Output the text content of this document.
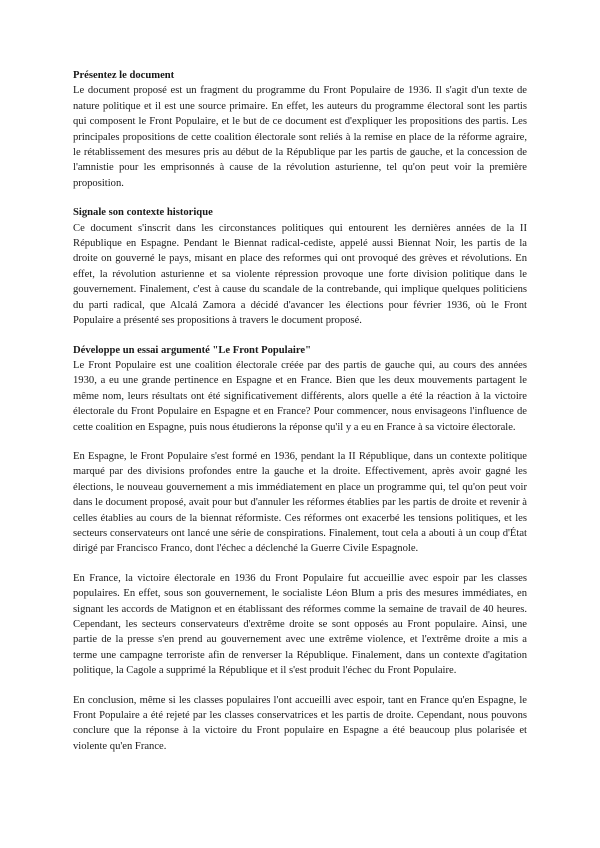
Présentez le document

Le document proposé est un fragment du programme du Front Populaire de 1936. Il s'agit d'un texte de nature politique et il est une source primaire. En effet, les auteurs du programme électoral sont les partis qui composent le Front Populaire, et le but de ce document est d'expliquer les propositions des partis. Les principales propositions de cette coalition électorale sont reliés à la remise en place de la réforme agraire, le rétablissement des mesures pris au début de la République par les partis de gauche, et la concession de l'amnistie pour les emprisonnés à cause de la révolution asturienne, tel qu'on peut voir la première proposition.

Signale son contexte historique

Ce document s'inscrit dans les circonstances politiques qui entourent les dernières années de la II République en Espagne. Pendant le Biennat radical-cediste, appelé aussi Biennat Noir, les partis de la droite on gouverné le pays, misant en place des reformes qui ont provoqué des grèves et révolutions. En effet, la révolution asturienne et sa violente répression provoque une forte division politique dans le gouvernement. Finalement, c'est à cause du scandale de la contrebande, qui implique quelques politiciens du parti radical, que Alcalá Zamora a décidé d'avancer les élections pour février 1936, où le Front Populaire a présenté ses propositions à travers le document proposé.

Développe un essai argumenté "Le Front Populaire"

Le Front Populaire est une coalition électorale créée par des partis de gauche qui, au cours des années 1930, a eu une grande pertinence en Espagne et en France. Bien que les deux mouvements partagent le même nom, leurs résultats ont été significativement différents, alors quelle a été la réaction à la victoire électorale du Front Populaire en Espagne et en France? Pour commencer, nous envisageons l'influence de cette coalition en Espagne, puis nous étudierons la réponse qu'il y a eu en France à sa victoire électorale.

En Espagne, le Front Populaire s'est formé en 1936, pendant la II République, dans un contexte politique marqué par des divisions profondes entre la gauche et la droite. Effectivement, après avoir gagné les élections, le nouveau gouvernement a mis immédiatement en place un programme qui, tel qu'on peut voir dans le document proposé, avait pour but d'annuler les réformes établies par les partis de droite et revenir à celles établies au cours de la biennat réformiste. Ces réformes ont exacerbé les tensions politiques, et les secteurs conservateurs ont lancé une série de conspirations. Finalement, tout cela a abouti à un coup d'État dirigé par Francisco Franco, dont l'échec a déclenché la Guerre Civile Espagnole.

En France, la victoire électorale en 1936 du Front Populaire fut accueillie avec espoir par les classes populaires. En effet, sous son gouvernement, le socialiste Léon Blum a pris des mesures immédiates, en signant les accords de Matignon et en établissant des réformes comme la semaine de travail de 40 heures. Cependant, les secteurs conservateurs d'extrême droite se sont opposés au Front populaire. Ainsi, une partie de la presse s'en prend au gouvernement avec une extrême violence, et l'extrême droite a mis a terme une campagne terroriste afin de renverser la République. Finalement, dans un contexte d'agitation politique, la Cagole a supprimé la République et il s'est produit l'échec du Front Populaire.

En conclusion, même si les classes populaires l'ont accueilli avec espoir, tant en France qu'en Espagne, le Front Populaire a été rejeté par les classes conservatrices et les partis de droite. Cependant, nous pouvons conclure que la réponse à la victoire du Front populaire en Espagne a été beaucoup plus polarisée et violente qu'en France.
